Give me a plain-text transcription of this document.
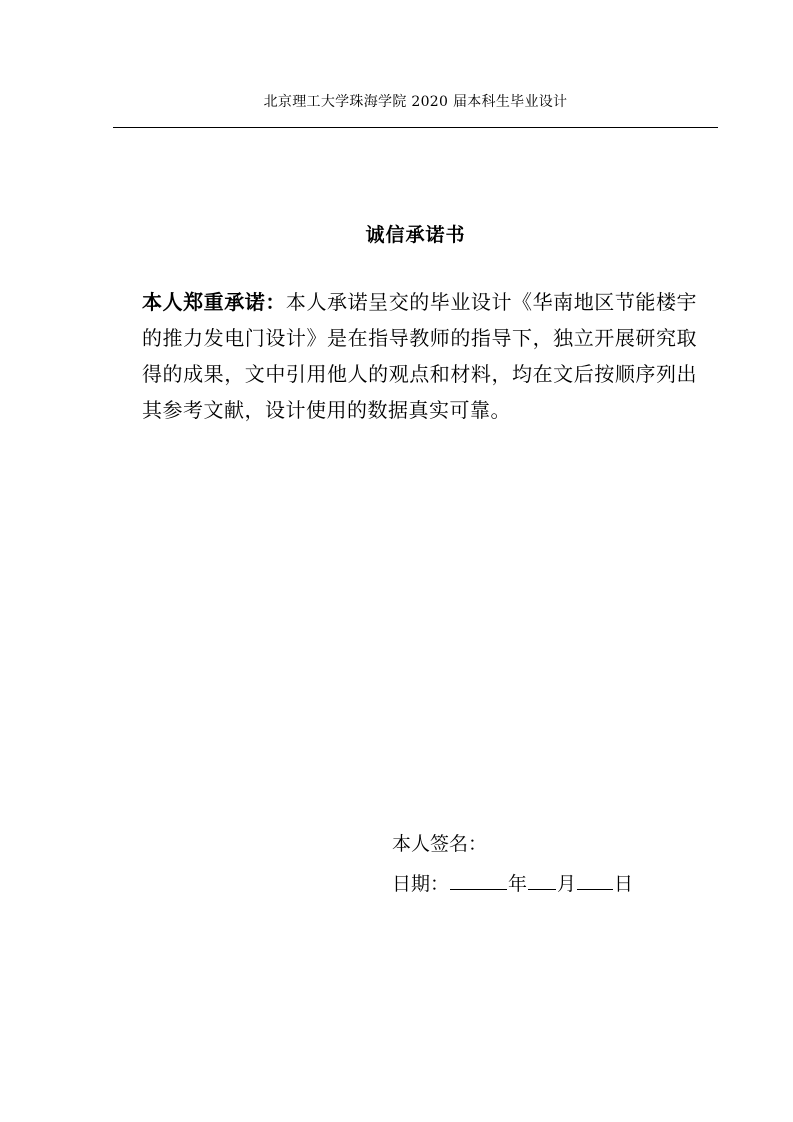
北京理工大学珠海学院 2020 届本科生毕业设计
诚信承诺书
本人郑重承诺：本人承诺呈交的毕业设计《华南地区节能楼宇的推力发电门设计》是在指导教师的指导下，独立开展研究取得的成果，文中引用他人的观点和材料，均在文后按顺序列出其参考文献，设计使用的数据真实可靠。
本人签名：
日期：	年 月 日
